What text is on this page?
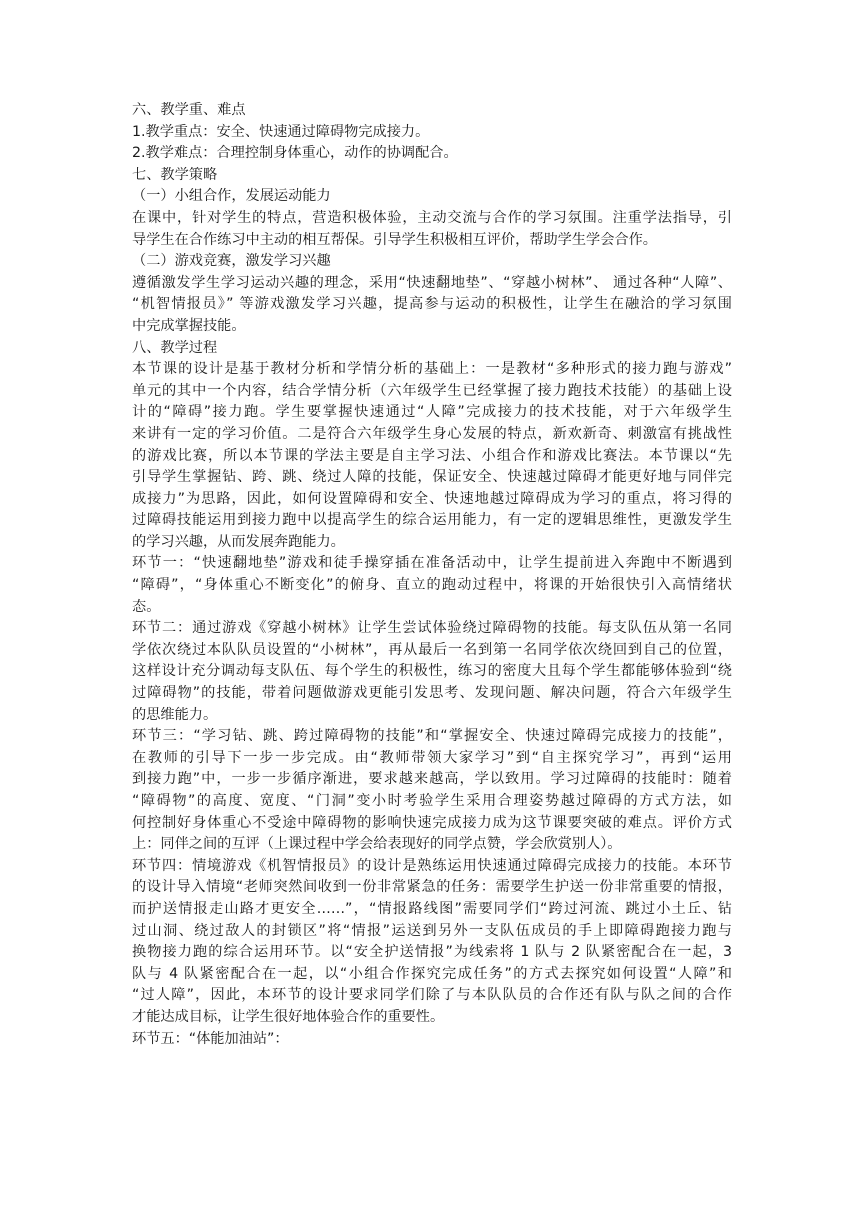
六、教学重、难点
1.教学重点：安全、快速通过障碍物完成接力。
2.教学难点：合理控制身体重心，动作的协调配合。
七、教学策略
（一）小组合作，发展运动能力
在课中，针对学生的特点，营造积极体验，主动交流与合作的学习氛围。注重学法指导，引
导学生在合作练习中主动的相互帮保。引导学生积极相互评价，帮助学生学会合作。
（二）游戏竞赛，激发学习兴趣
遵循激发学生学习运动兴趣的理念，采用“快速翻地垫”、“穿越小树林”、 通过各种“人障”、
“机智情报员》” 等游戏激发学习兴趣，提高参与运动的积极性，让学生在融洽的学习氛围
中完成掌握技能。
八、教学过程
本节课的设计是基于教材分析和学情分析的基础上：一是教材“多种形式的接力跑与游戏”
单元的其中一个内容，结合学情分析（六年级学生已经掌握了接力跑技术技能）的基础上设
计的“障碍”接力跑。学生要掌握快速通过“人障”完成接力的技术技能，对于六年级学生
来讲有一定的学习价值。二是符合六年级学生身心发展的特点，新欢新奇、刺激富有挑战性
的游戏比赛，所以本节课的学法主要是自主学习法、小组合作和游戏比赛法。本节课以“先
引导学生掌握钻、跨、跳、绕过人障的技能，保证安全、快速越过障碍才能更好地与同伴完
成接力”为思路，因此，如何设置障碍和安全、快速地越过障碍成为学习的重点，将习得的
过障碍技能运用到接力跑中以提高学生的综合运用能力，有一定的逻辑思维性，更激发学生
的学习兴趣，从而发展奔跑能力。
环节一：“快速翻地垫”游戏和徒手操穿插在准备活动中，让学生提前进入奔跑中不断遇到
“障碍”，“身体重心不断变化”的俯身、直立的跑动过程中，将课的开始很快引入高情绪状
态。
环节二：通过游戏《穿越小树林》让学生尝试体验绕过障碍物的技能。每支队伍从第一名同
学依次绕过本队队员设置的“小树林”，再从最后一名到第一名同学依次绕回到自己的位置，
这样设计充分调动每支队伍、每个学生的积极性，练习的密度大且每个学生都能够体验到“绕
过障碍物”的技能，带着问题做游戏更能引发思考、发现问题、解决问题，符合六年级学生
的思维能力。
环节三：“学习钻、跳、跨过障碍物的技能”和“掌握安全、快速过障碍完成接力的技能”，
在教师的引导下一步一步完成。由“教师带领大家学习”到“自主探究学习”，再到“运用
到接力跑”中，一步一步循序渐进，要求越来越高，学以致用。学习过障碍的技能时：随着
“障碍物”的高度、宽度、“门洞”变小时考验学生采用合理姿势越过障碍的方式方法，如
何控制好身体重心不受途中障碍物的影响快速完成接力成为这节课要突破的难点。评价方式
上：同伴之间的互评（上课过程中学会给表现好的同学点赞，学会欣赏别人）。
环节四：情境游戏《机智情报员》的设计是熟练运用快速通过障碍完成接力的技能。本环节
的设计导入情境“老师突然间收到一份非常紧急的任务：需要学生护送一份非常重要的情报，
而护送情报走山路才更安全……”，“情报路线图”需要同学们“跨过河流、跳过小土丘、钻
过山洞、绕过敌人的封锁区”将“情报”运送到另外一支队伍成员的手上即障碍跑接力跑与
换物接力跑的综合运用环节。以“安全护送情报”为线索将 1 队与 2 队紧密配合在一起，3
队与 4 队紧密配合在一起，以“小组合作探究完成任务”的方式去探究如何设置“人障”和
“过人障”，因此，本环节的设计要求同学们除了与本队队员的合作还有队与队之间的合作
才能达成目标，让学生很好地体验合作的重要性。
环节五：“体能加油站”：
